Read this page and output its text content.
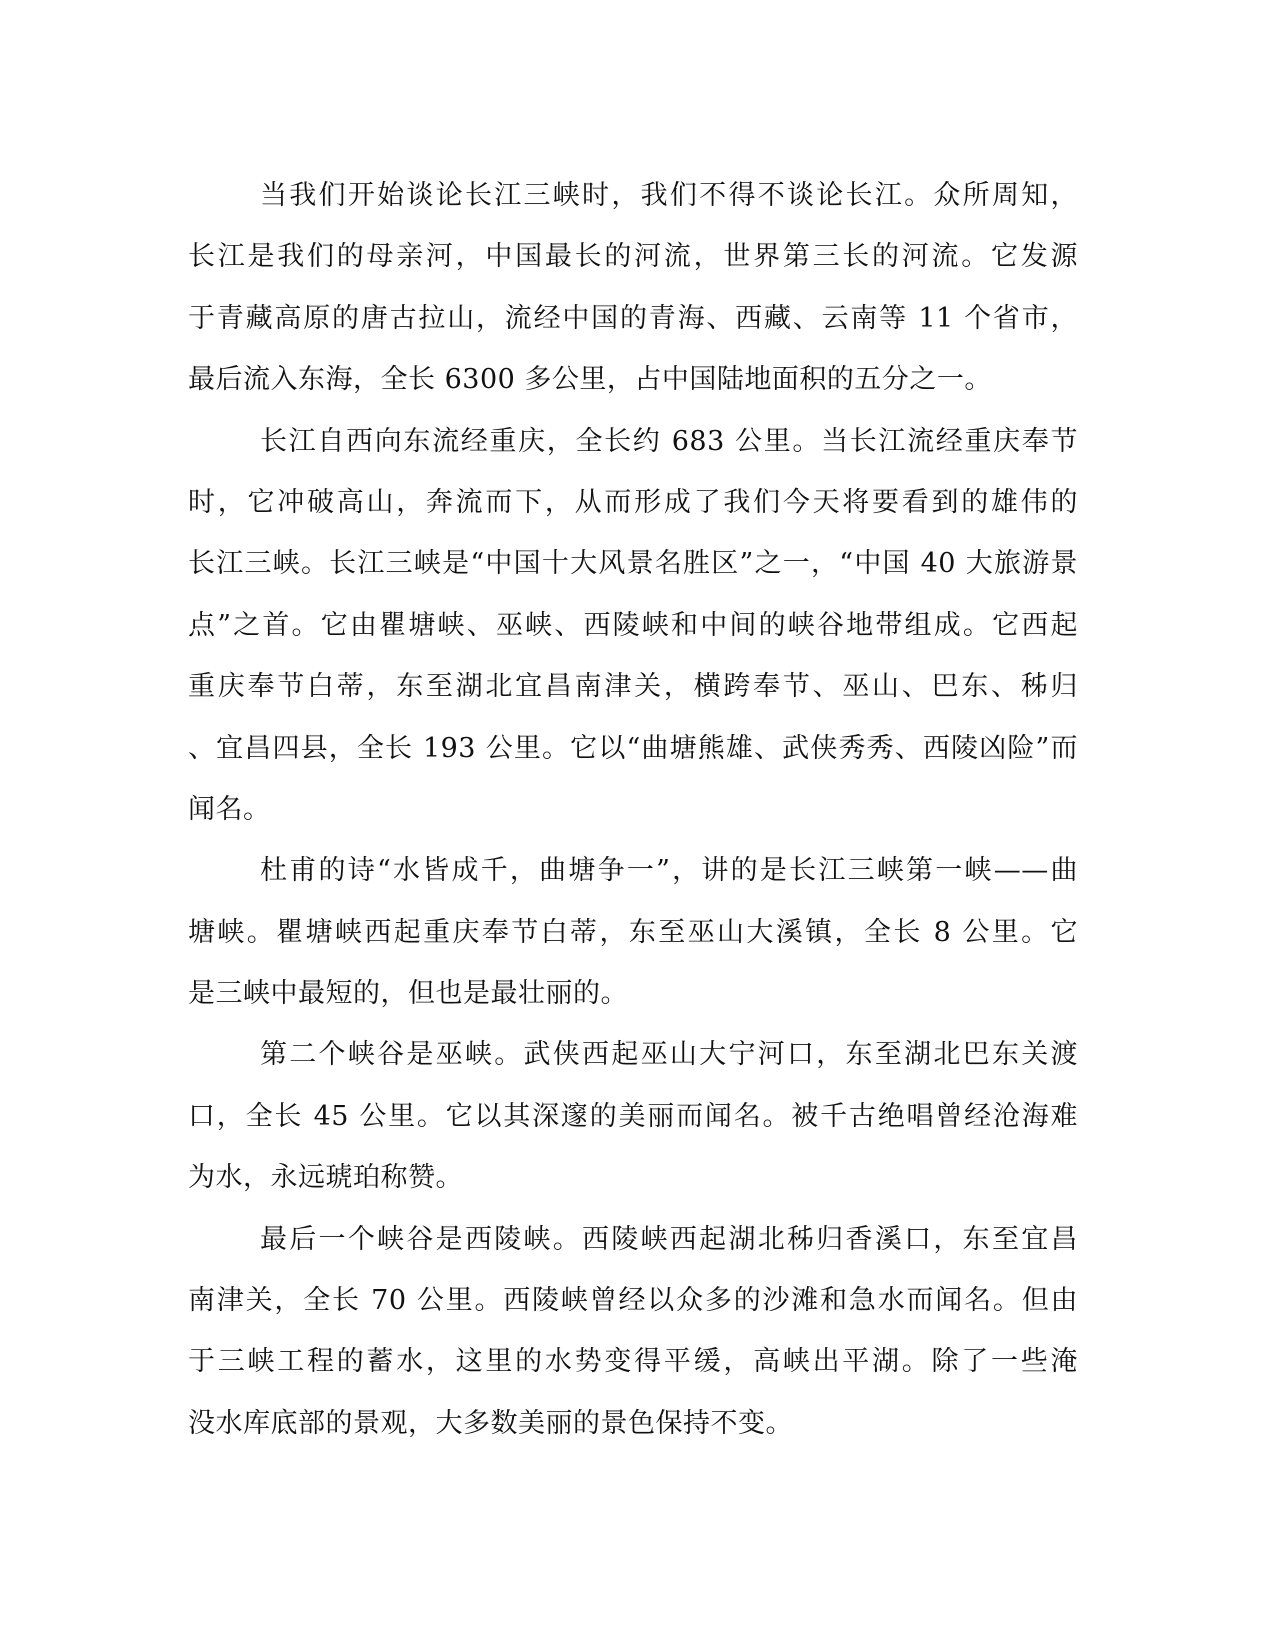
当我们开始谈论长江三峡时，我们不得不谈论长江。众所周知，
长江是我们的母亲河，中国最长的河流，世界第三长的河流。它发源
于青藏高原的唐古拉山，流经中国的青海、西藏、云南等 11 个省市，
最后流入东海，全长 6300 多公里，占中国陆地面积的五分之一。
长江自西向东流经重庆，全长约 683 公里。当长江流经重庆奉节
时，它冲破高山，奔流而下，从而形成了我们今天将要看到的雄伟的
长江三峡。长江三峡是“中国十大风景名胜区”之一，“中国 40 大旅游景
点”之首。它由瞿塘峡、巫峡、西陵峡和中间的峡谷地带组成。它西起
重庆奉节白蒂，东至湖北宜昌南津关，横跨奉节、巫山、巴东、秭归
、宜昌四县，全长 193 公里。它以“曲塘熊雄、武侠秀秀、西陵凶险”而
闻名。
杜甫的诗“水皆成千，曲塘争一”，讲的是长江三峡第一峡——曲
塘峡。瞿塘峡西起重庆奉节白蒂，东至巫山大溪镇，全长 8 公里。它
是三峡中最短的，但也是最壮丽的。
第二个峡谷是巫峡。武侠西起巫山大宁河口，东至湖北巴东关渡
口，全长 45 公里。它以其深邃的美丽而闻名。被千古绝唱曾经沧海难
为水，永远琥珀称赞。
最后一个峡谷是西陵峡。西陵峡西起湖北秭归香溪口，东至宜昌
南津关，全长 70 公里。西陵峡曾经以众多的沙滩和急水而闻名。但由
于三峡工程的蓄水，这里的水势变得平缓，高峡出平湖。除了一些淹
没水库底部的景观，大多数美丽的景色保持不变。
